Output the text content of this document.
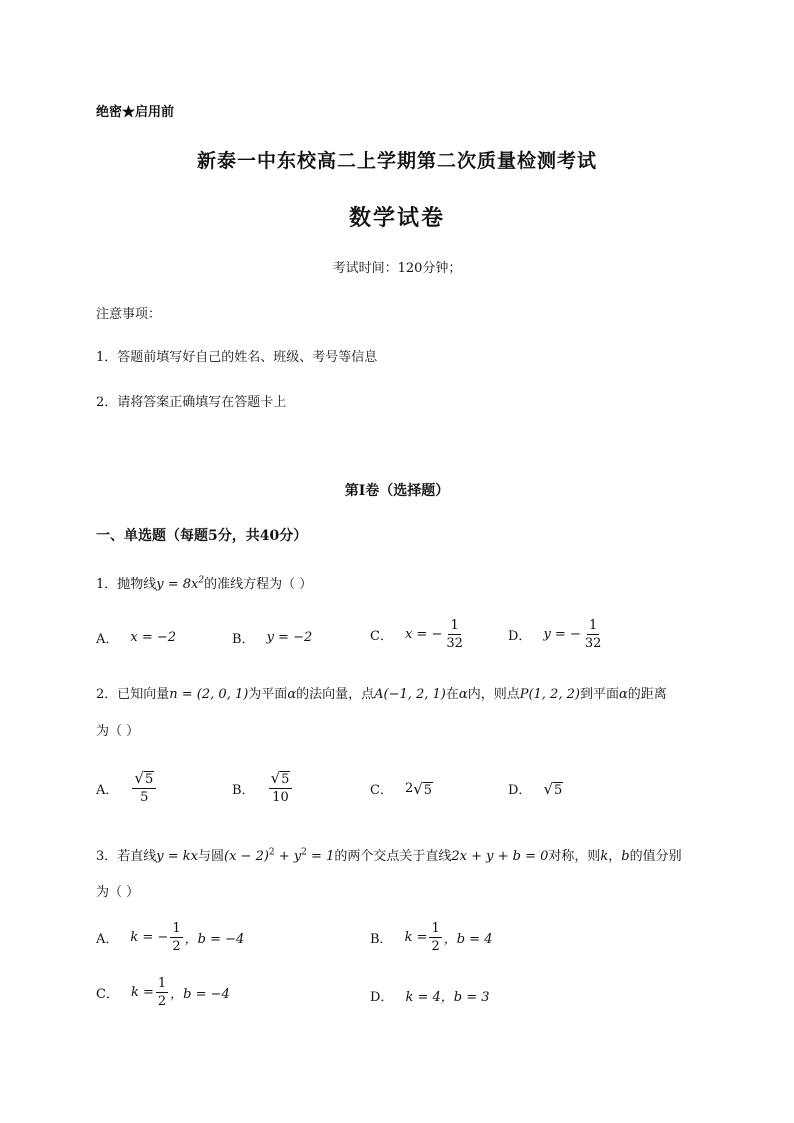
绝密★启用前
新泰一中东校高二上学期第二次质量检测考试
数学试卷
考试时间：120分钟；
注意事项：
1．答题前填写好自己的姓名、班级、考号等信息
2．请将答案正确填写在答题卡上
第I卷（选择题）
一、单选题（每题5分，共40分）
1．抛物线$y = 8x^2$的准线方程为（ ）
A． x = −2	B． y = −2	C． x = − $\frac{1}{32}$	D． y = − $\frac{1}{32}$
2．已知向量n = (2, 0, 1)为平面α的法向量，点A(−1, 2, 1)在α内，则点P(1, 2, 2)到平面α的距离
为（ ）
A． $\frac{√ 5}{5}$	B． $\frac{√ 5}{10}$	C． 2 √ 5	D． √ 5
3．若直线y = kx与圆$(x - 2)^2 + y^2 = 1$的两个交点关于直线2x + y + b = 0对称，则k，b的值分别
为（ ）
A． k = − $\frac{1}{2}$ ，b = −4	B． $k = \frac{1}{2}$ ，b = 4
C． $k = \frac{1}{2}$ ，b = −4	D． k = 4，b = 3
